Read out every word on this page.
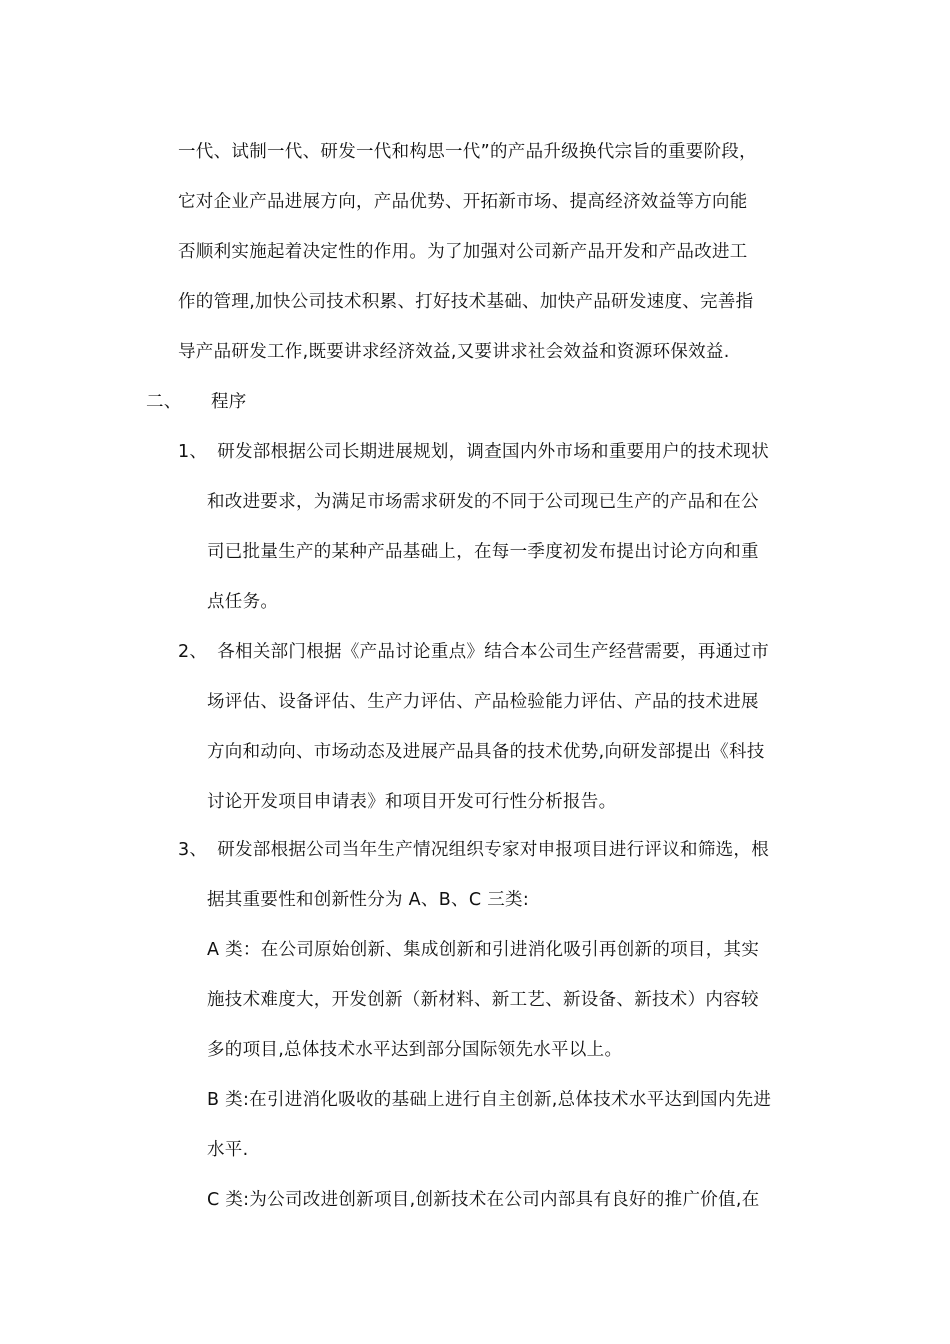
一代、试制一代、研发一代和构思一代”的产品升级换代宗旨的重要阶段，
它对企业产品进展方向，产品优势、开拓新市场、提高经济效益等方向能
否顺利实施起着决定性的作用。为了加强对公司新产品开发和产品改进工
作的管理,加快公司技术积累、打好技术基础、加快产品研发速度、完善指
导产品研发工作,既要讲求经济效益,又要讲求社会效益和资源环保效益.
二、 程序
1、 研发部根据公司长期进展规划，调查国内外市场和重要用户的技术现状
和改进要求，为满足市场需求研发的不同于公司现已生产的产品和在公
司已批量生产的某种产品基础上，在每一季度初发布提出讨论方向和重
点任务。
2、 各相关部门根据《产品讨论重点》结合本公司生产经营需要，再通过市
场评估、设备评估、生产力评估、产品检验能力评估、产品的技术进展
方向和动向、市场动态及进展产品具备的技术优势,向研发部提出《科技
讨论开发项目申请表》和项目开发可行性分析报告。
3、 研发部根据公司当年生产情况组织专家对申报项目进行评议和筛选，根
据其重要性和创新性分为 A、B、C 三类:
A 类：在公司原始创新、集成创新和引进消化吸引再创新的项目，其实
施技术难度大，开发创新（新材料、新工艺、新设备、新技术）内容较
多的项目,总体技术水平达到部分国际领先水平以上。
B 类:在引进消化吸收的基础上进行自主创新,总体技术水平达到国内先进
水平.
C 类:为公司改进创新项目,创新技术在公司内部具有良好的推广价值,在
